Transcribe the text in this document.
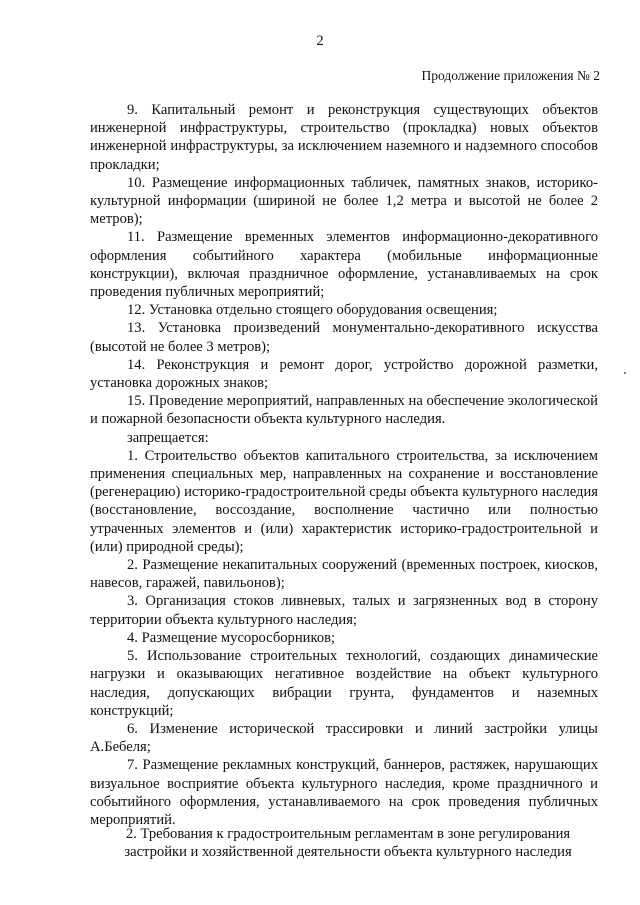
2
Продолжение приложения № 2

9. Капитальный ремонт и реконструкция существующих объектов инженерной инфраструктуры, строительство (прокладка) новых объектов инженерной инфраструктуры, за исключением наземного и надземного способов прокладки;

10. Размещение информационных табличек, памятных знаков, историко-культурной информации (шириной не более 1,2 метра и высотой не более 2 метров);

11. Размещение временных элементов информационно-декоративного оформления событийного характера (мобильные информационные конструкции), включая праздничное оформление, устанавливаемых на срок проведения публичных мероприятий;

12. Установка отдельно стоящего оборудования освещения;

13. Установка произведений монументально-декоративного искусства (высотой не более 3 метров);

14. Реконструкция и ремонт дорог, устройство дорожной разметки, установка дорожных знаков;

15. Проведение мероприятий, направленных на обеспечение экологической и пожарной безопасности объекта культурного наследия.

запрещается:

1. Строительство объектов капитального строительства, за исключением применения специальных мер, направленных на сохранение и восстановление (регенерацию) историко-градостроительной среды объекта культурного наследия (восстановление, воссоздание, восполнение частично или полностью утраченных элементов и (или) характеристик историко-градостроительной и (или) природной среды);

2. Размещение некапитальных сооружений (временных построек, киосков, навесов, гаражей, павильонов);

3. Организация стоков ливневых, талых и загрязненных вод в сторону территории объекта культурного наследия;

4. Размещение мусоросборников;

5. Использование строительных технологий, создающих динамические нагрузки и оказывающих негативное воздействие на объект культурного наследия, допускающих вибрации грунта, фундаментов и наземных конструкций;

6. Изменение исторической трассировки и линий застройки улицы А.Бебеля;

7. Размещение рекламных конструкций, баннеров, растяжек, нарушающих визуальное восприятие объекта культурного наследия, кроме праздничного и событийного оформления, устанавливаемого на срок проведения публичных мероприятий.

2. Требования к градостроительным регламентам в зоне регулирования

застройки и хозяйственной деятельности объекта культурного наследия
